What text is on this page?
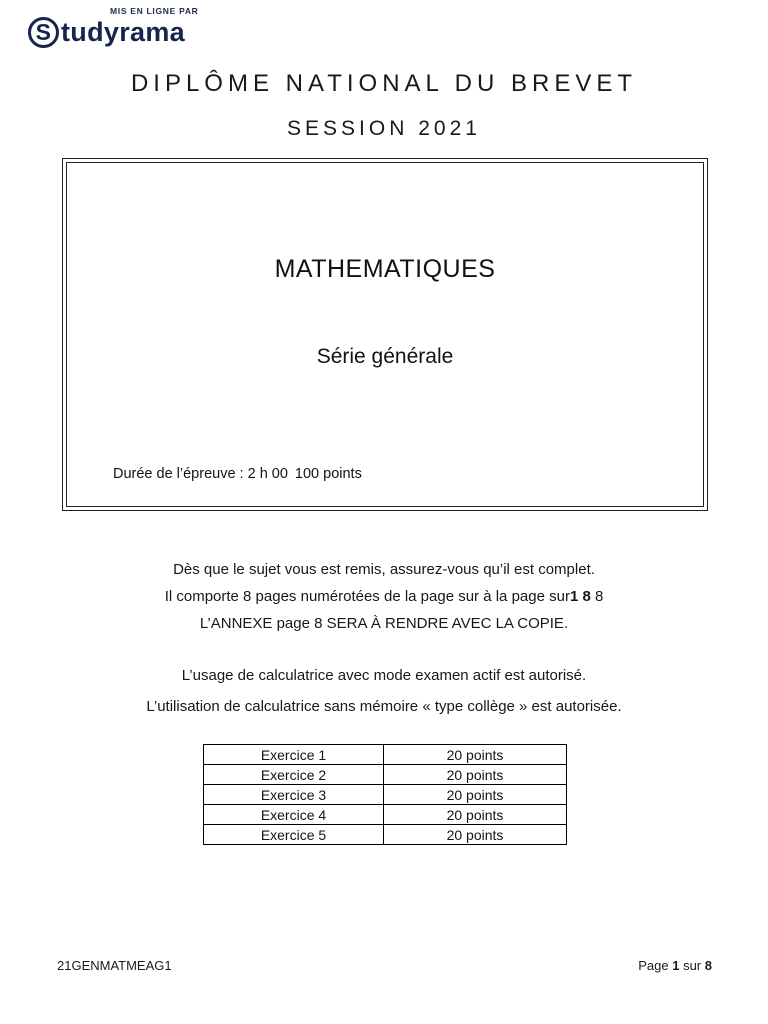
MIS EN LIGNE PAR
S tudyrama
DIPLÔME NATIONAL DU BREVET
SESSION 2021
MATHEMATIQUES
Série générale
Durée de l’épreuve : 2 h 00 100 points
Dès que le sujet vous est remis, assurez-vous qu’il est complet.
Il comporte 8 pages numérotées de la page sur à la page sur1 8 8
L’ANNEXE page 8 SERA À RENDRE AVEC LA COPIE.
L’usage de calculatrice avec mode examen actif est autorisé.
L’utilisation de calculatrice sans mémoire « type collège » est autorisée.
Exercice 1	20 points
Exercice 2	20 points
Exercice 3	20 points
Exercice 4	20 points
Exercice 5	20 points
21GENMATMEAG1	Page 1 sur 8
